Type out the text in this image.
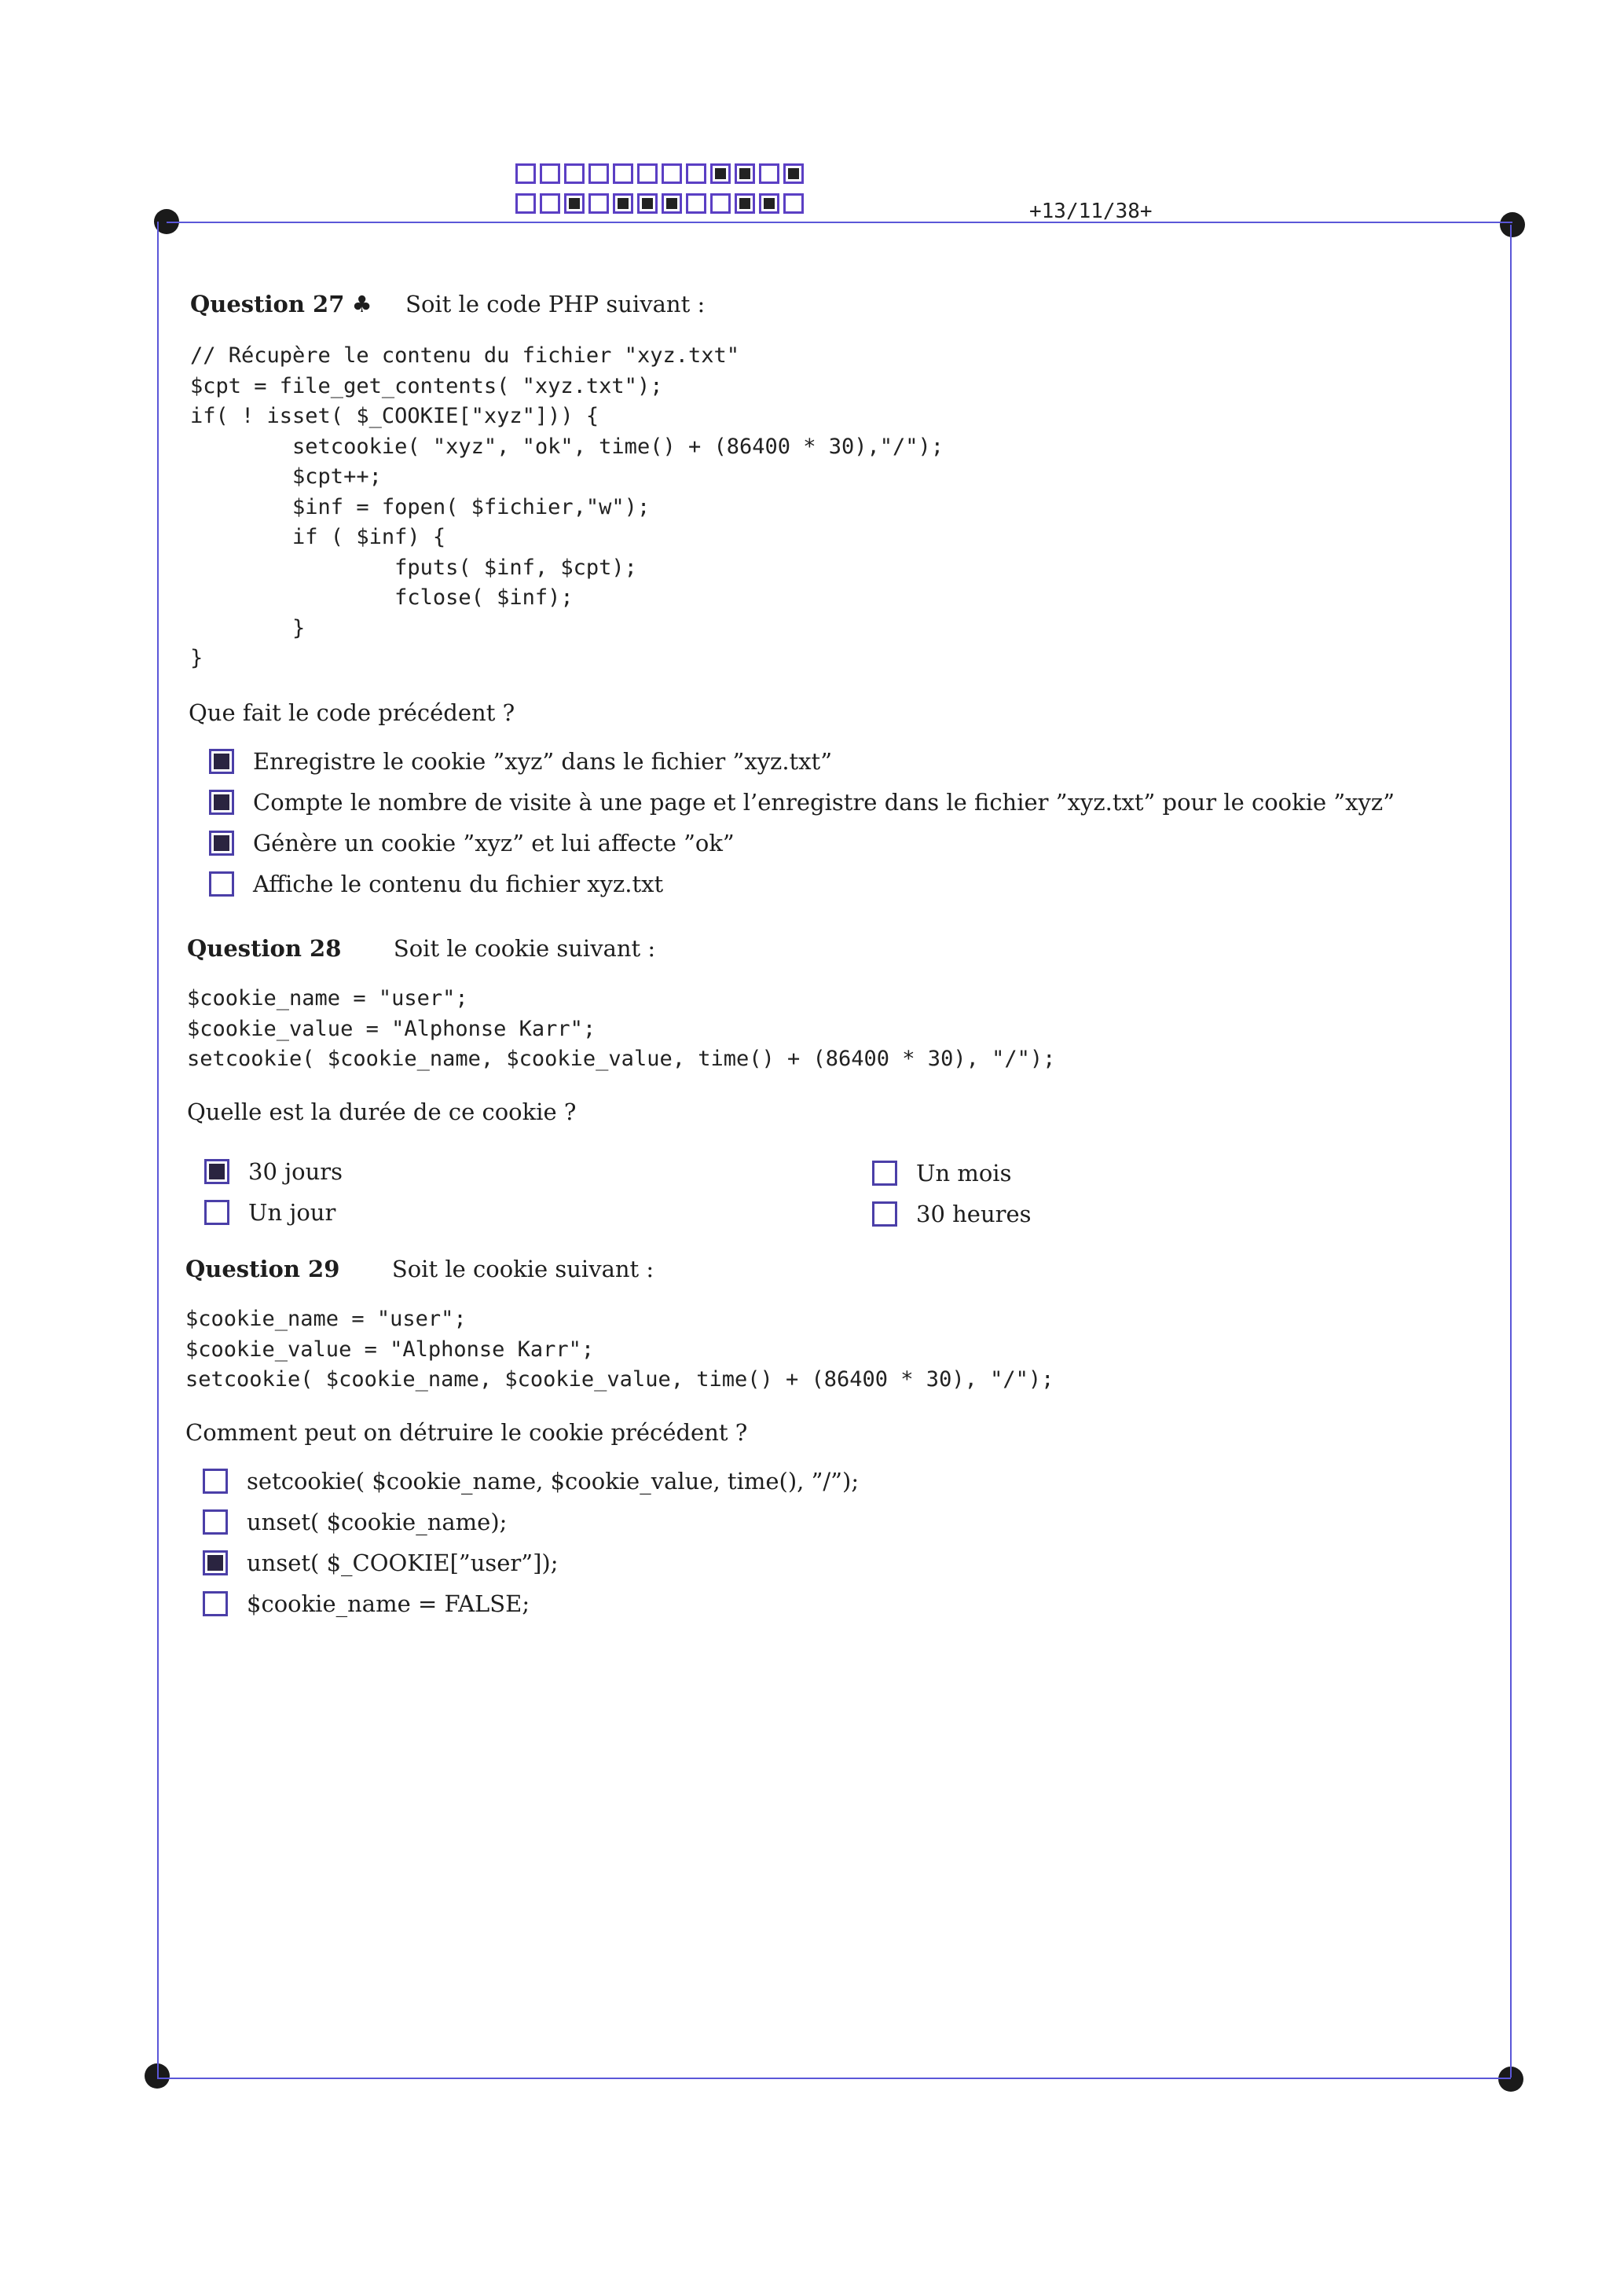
+13/11/38+
Question 27 ♣ Soit le code PHP suivant :
// Récupère le contenu du fichier "xyz.txt"
$cpt = file_get_contents( "xyz.txt");
if( ! isset( $_COOKIE["xyz"])) {
setcookie( "xyz", "ok", time() + (86400 * 30),"/");
$cpt++;
$inf = fopen( $fichier,"w");
if ( $inf) {
fputs( $inf, $cpt);
fclose( $inf);
}
}
Que fait le code précédent ?
Enregistre le cookie ”xyz” dans le fichier ”xyz.txt”
Compte le nombre de visite à une page et l’enregistre dans le fichier ”xyz.txt” pour le cookie ”xyz”
Génère un cookie ”xyz” et lui affecte ”ok”
Affiche le contenu du fichier xyz.txt
Question 28 Soit le cookie suivant :
$cookie_name = "user";
$cookie_value = "Alphonse Karr";
setcookie( $cookie_name, $cookie_value, time() + (86400 * 30), "/");
Quelle est la durée de ce cookie ?
30 jours
Un jour
Un mois
30 heures
Question 29 Soit le cookie suivant :
$cookie_name = "user";
$cookie_value = "Alphonse Karr";
setcookie( $cookie_name, $cookie_value, time() + (86400 * 30), "/");
Comment peut on détruire le cookie précédent ?
setcookie( $cookie_name, $cookie_value, time(), ”/”);
unset( $cookie_name);
unset( $_COOKIE[”user”]);
$cookie_name = FALSE;
